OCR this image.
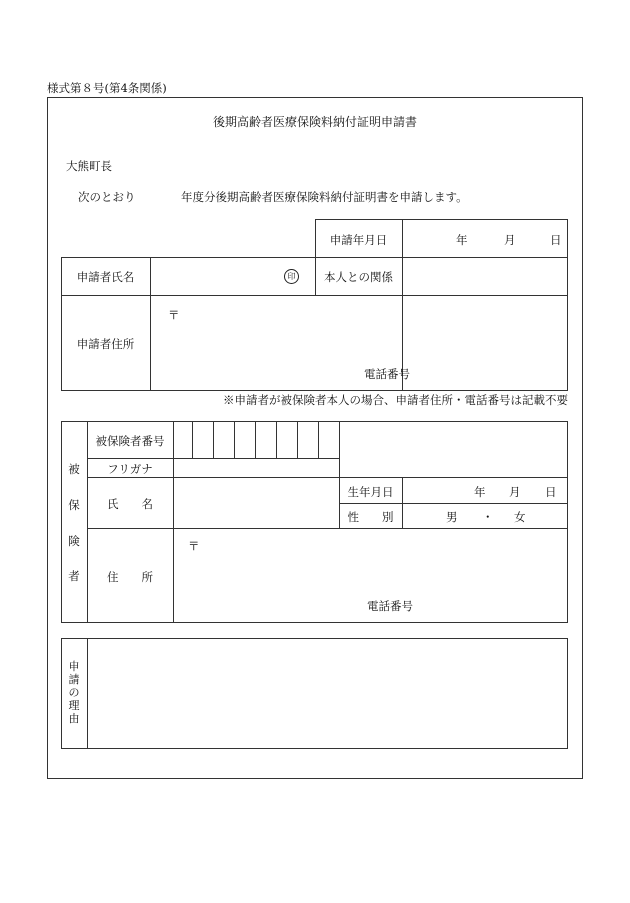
様式第８号(第4条関係)
後期高齢者医療保険料納付証明申請書
大熊町長
次のとおり	年度分後期高齢者医療保険料納付証明書を申請します。
申請年月日	年	月	日
申請者氏名	印	本人との関係
申請者住所
〒
電話番号
※申請者が被保険者本人の場合、申請者住所・電話番号は記載不要
被
保
険
者
被保険者番号
フリガナ
氏　　名
生年月日	年 月 日
性　　別	男 ・ 女
住　　所
〒
電話番号
申
請
の
理
由
